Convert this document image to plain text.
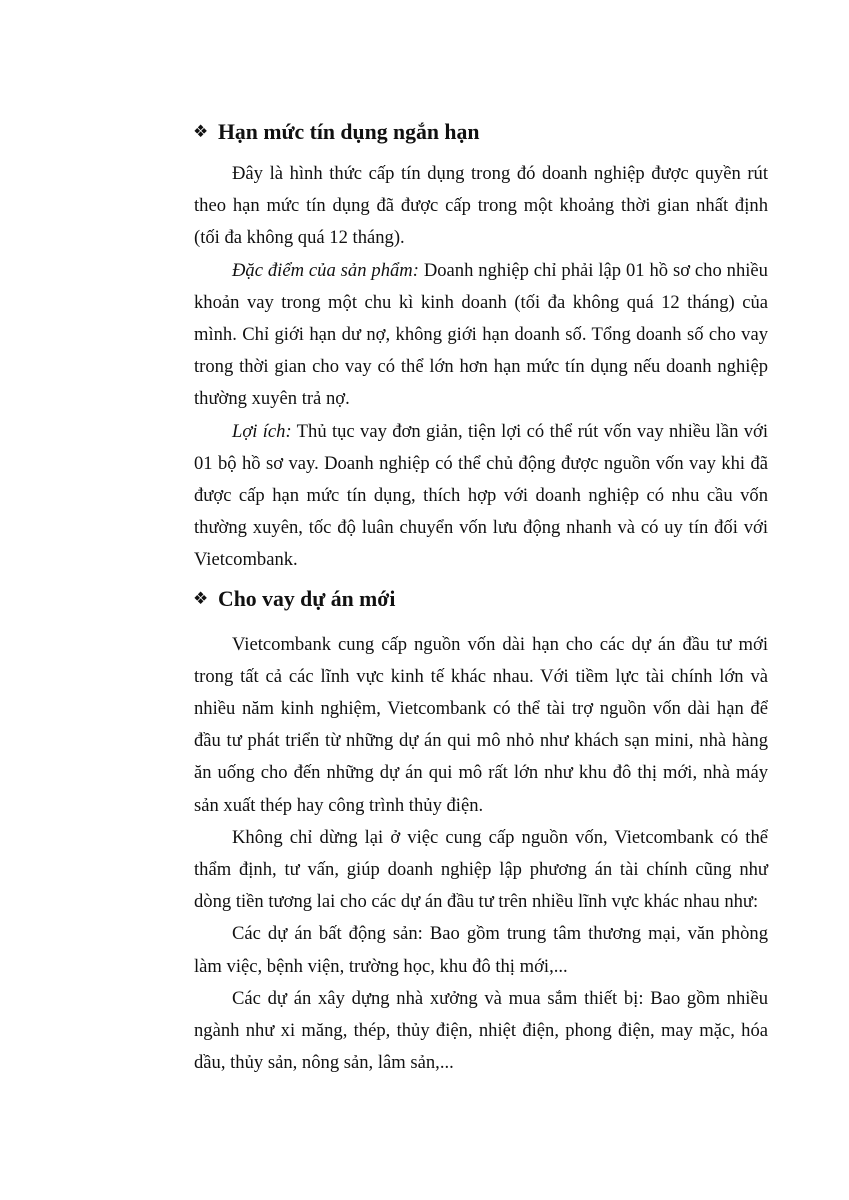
❖ Hạn mức tín dụng ngắn hạn

Đây là hình thức cấp tín dụng trong đó doanh nghiệp được quyền rút theo hạn mức tín dụng đã được cấp trong một khoảng thời gian nhất định (tối đa không quá 12 tháng).

Đặc điểm của sản phẩm: Doanh nghiệp chỉ phải lập 01 hồ sơ cho nhiều khoản vay trong một chu kì kinh doanh (tối đa không quá 12 tháng) của mình. Chỉ giới hạn dư nợ, không giới hạn doanh số. Tổng doanh số cho vay trong thời gian cho vay có thể lớn hơn hạn mức tín dụng nếu doanh nghiệp thường xuyên trả nợ.

Lợi ích: Thủ tục vay đơn giản, tiện lợi có thể rút vốn vay nhiều lần với 01 bộ hồ sơ vay. Doanh nghiệp có thể chủ động được nguồn vốn vay khi đã được cấp hạn mức tín dụng, thích hợp với doanh nghiệp có nhu cầu vốn thường xuyên, tốc độ luân chuyển vốn lưu động nhanh và có uy tín đối với Vietcombank.

❖ Cho vay dự án mới

Vietcombank cung cấp nguồn vốn dài hạn cho các dự án đầu tư mới trong tất cả các lĩnh vực kinh tế khác nhau. Với tiềm lực tài chính lớn và nhiều năm kinh nghiệm, Vietcombank có thể tài trợ nguồn vốn dài hạn để đầu tư phát triển từ những dự án qui mô nhỏ như khách sạn mini, nhà hàng ăn uống cho đến những dự án qui mô rất lớn như khu đô thị mới, nhà máy sản xuất thép hay công trình thủy điện.

Không chỉ dừng lại ở việc cung cấp nguồn vốn, Vietcombank có thể thẩm định, tư vấn, giúp doanh nghiệp lập phương án tài chính cũng như dòng tiền tương lai cho các dự án đầu tư trên nhiều lĩnh vực khác nhau như:

Các dự án bất động sản: Bao gồm trung tâm thương mại, văn phòng làm việc, bệnh viện, trường học, khu đô thị mới,...

Các dự án xây dựng nhà xưởng và mua sắm thiết bị: Bao gồm nhiều ngành như xi măng, thép, thủy điện, nhiệt điện, phong điện, may mặc, hóa dầu, thủy sản, nông sản, lâm sản,...
